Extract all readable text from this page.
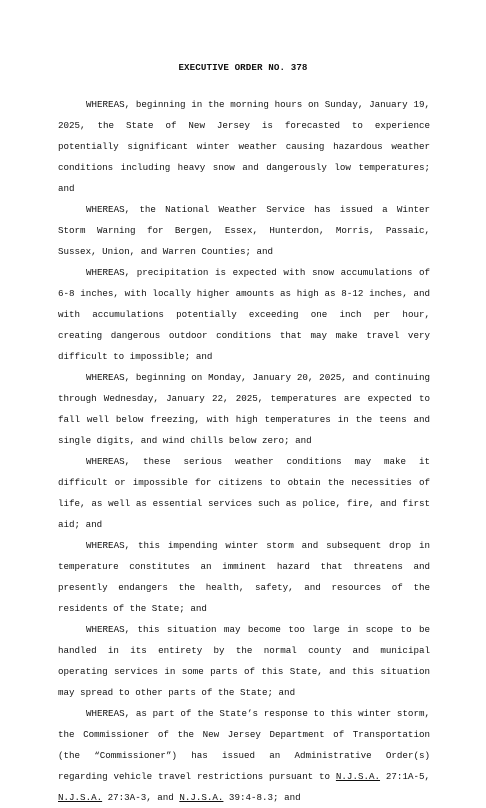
EXECUTIVE ORDER NO. 378

WHEREAS, beginning in the morning hours on Sunday, January 19, 2025, the State of New Jersey is forecasted to experience potentially significant winter weather causing hazardous weather conditions including heavy snow and dangerously low temperatures; and

WHEREAS, the National Weather Service has issued a Winter Storm Warning for Bergen, Essex, Hunterdon, Morris, Passaic, Sussex, Union, and Warren Counties; and

WHEREAS, precipitation is expected with snow accumulations of 6-8 inches, with locally higher amounts as high as 8-12 inches, and with accumulations potentially exceeding one inch per hour, creating dangerous outdoor conditions that may make travel very difficult to impossible; and

WHEREAS, beginning on Monday, January 20, 2025, and continuing through Wednesday, January 22, 2025, temperatures are expected to fall well below freezing, with high temperatures in the teens and single digits, and wind chills below zero; and

WHEREAS, these serious weather conditions may make it difficult or impossible for citizens to obtain the necessities of life, as well as essential services such as police, fire, and first aid; and

WHEREAS, this impending winter storm and subsequent drop in temperature constitutes an imminent hazard that threatens and presently endangers the health, safety, and resources of the residents of the State; and

WHEREAS, this situation may become too large in scope to be handled in its entirety by the normal county and municipal operating services in some parts of this State, and this situation may spread to other parts of the State; and

WHEREAS, as part of the State’s response to this winter storm, the Commissioner of the New Jersey Department of Transportation (the “Commissioner”) has issued an Administrative Order(s) regarding vehicle travel restrictions pursuant to N.J.S.A. 27:1A-5, N.J.S.A. 27:3A-3, and N.J.S.A. 39:4-8.3; and
